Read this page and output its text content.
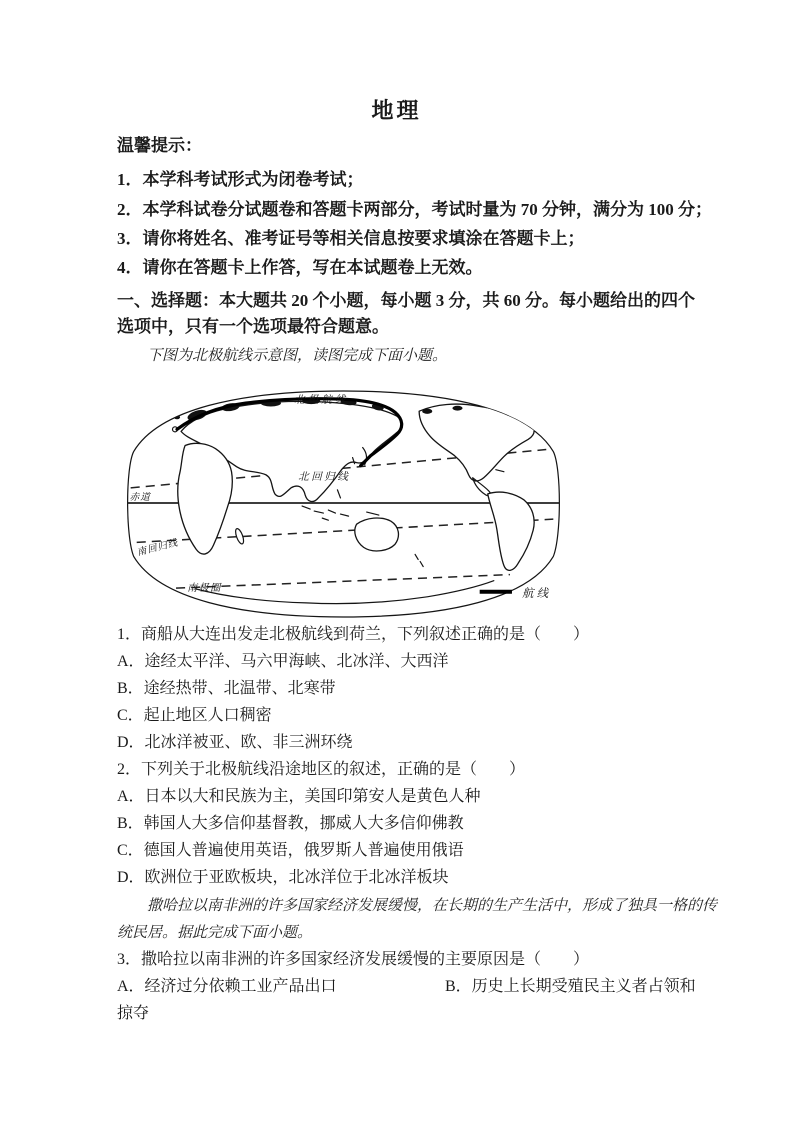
地理
温馨提示：
1．本学科考试形式为闭卷考试；
2．本学科试卷分试题卷和答题卡两部分，考试时量为 70 分钟，满分为 100 分；
3．请你将姓名、准考证号等相关信息按要求填涂在答题卡上；
4．请你在答题卡上作答，写在本试题卷上无效。
一、选择题：本大题共 20 个小题，每小题 3 分，共 60 分。每小题给出的四个
选项中，只有一个选项最符合题意。
下图为北极航线示意图，读图完成下面小题。
北极航线
北回归线
赤道
南回归线
南极圈	航线
1．商船从大连出发走北极航线到荷兰，下列叙述正确的是（　　）
A．途经太平洋、马六甲海峡、北冰洋、大西洋
B．途经热带、北温带、北寒带
C．起止地区人口稠密
D．北冰洋被亚、欧、非三洲环绕
2．下列关于北极航线沿途地区的叙述，正确的是（　　）
A．日本以大和民族为主，美国印第安人是黄色人种
B．韩国人大多信仰基督教，挪威人大多信仰佛教
C．德国人普遍使用英语，俄罗斯人普遍使用俄语
D．欧洲位于亚欧板块，北冰洋位于北冰洋板块
撒哈拉以南非洲的许多国家经济发展缓慢，在长期的生产生活中，形成了独具一格的传
统民居。据此完成下面小题。
3．撒哈拉以南非洲的许多国家经济发展缓慢的主要原因是（　　）
A．经济过分依赖工业产品出口	B．历史上长期受殖民主义者占领和
掠夺
